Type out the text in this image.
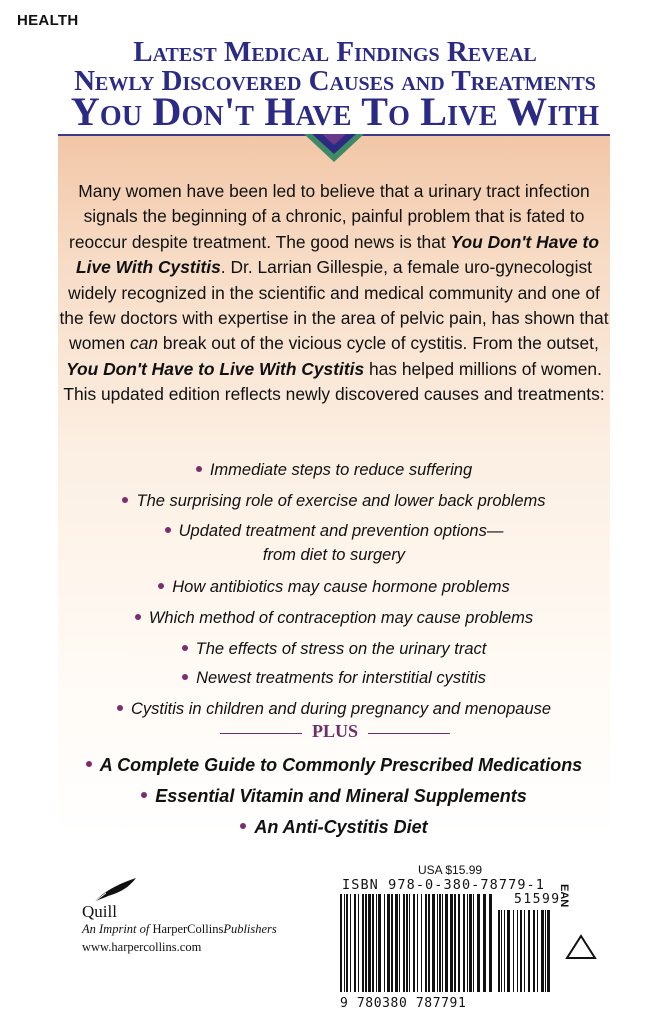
HEALTH
Latest Medical Findings Reveal
Newly Discovered Causes and Treatments
You Don't Have To Live With

Many women have been led to believe that a urinary tract infection signals the beginning of a chronic, painful problem that is fated to reoccur despite treatment. The good news is that You Don't Have to Live With Cystitis. Dr. Larrian Gillespie, a female uro-gynecologist widely recognized in the scientific and medical community and one of the few doctors with expertise in the area of pelvic pain, has shown that women can break out of the vicious cycle of cystitis. From the outset, You Don't Have to Live With Cystitis has helped millions of women. This updated edition reflects newly discovered causes and treatments:

Immediate steps to reduce suffering
The surprising role of exercise and lower back problems
Updated treatment and prevention options—
from diet to surgery
How antibiotics may cause hormone problems
Which method of contraception may cause problems
The effects of stress on the urinary tract
Newest treatments for interstitial cystitis
Cystitis in children and during pregnancy and menopause
PLUS
A Complete Guide to Commonly Prescribed Medications
Essential Vitamin and Mineral Supplements
An Anti-Cystitis Diet
Quill
An Imprint of HarperCollinsPublishers
www.harpercollins.com
USA $15.99
ISBN 978-0-380-78779-1
51599
EAN
9 780380 787791
